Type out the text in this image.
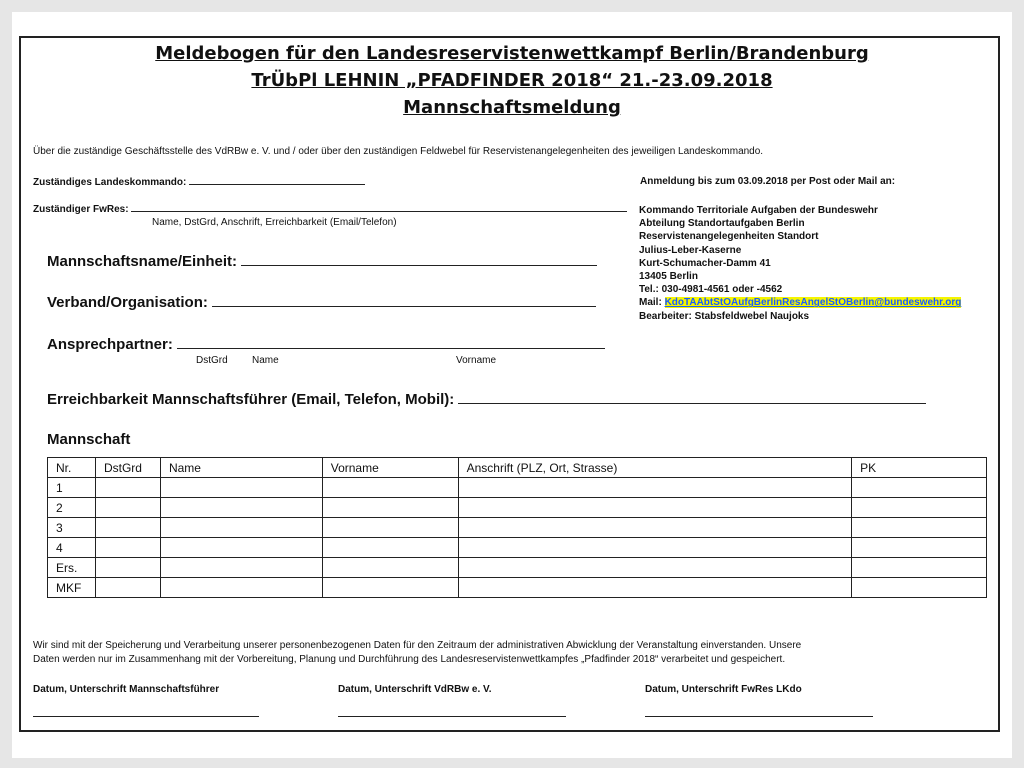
Meldebogen für den Landesreservistenwettkampf Berlin/Brandenburg
TrÜbPl LEHNIN „PFADFINDER 2018“ 21.-23.09.2018
Mannschaftsmeldung
Über die zuständige Geschäftsstelle des VdRBw e. V. und / oder über den zuständigen Feldwebel für Reservistenangelegenheiten des jeweiligen Landeskommando.
Zuständiges Landeskommando:
Zuständiger FwRes:
Name, DstGrd, Anschrift, Erreichbarkeit (Email/Telefon)
Mannschaftsname/Einheit:
Verband/Organisation:
Ansprechpartner:
DstGrd Name	Vorname
Erreichbarkeit Mannschaftsführer (Email, Telefon, Mobil):
Anmeldung bis zum 03.09.2018 per Post oder Mail an:
Kommando Territoriale Aufgaben der Bundeswehr
Abteilung Standortaufgaben Berlin
Reservistenangelegenheiten Standort
Julius-Leber-Kaserne
Kurt-Schumacher-Damm 41
13405 Berlin
Tel.: 030-4981-4561 oder -4562
Mail: KdoTAAbtStOAufgBerlinResAngelStOBerlin@bundeswehr.org
Bearbeiter: Stabsfeldwebel Naujoks
Mannschaft
Nr.	DstGrd	Name	Vorname	Anschrift (PLZ, Ort, Strasse)	PK
1					
2					
3					
4					
Ers.					
MKF					
Wir sind mit der Speicherung und Verarbeitung unserer personenbezogenen Daten für den Zeitraum der administrativen Abwicklung der Veranstaltung einverstanden. Unsere
Daten werden nur im Zusammenhang mit der Vorbereitung, Planung und Durchführung des Landesreservistenwettkampfes „Pfadfinder 2018“ verarbeitet und gespeichert.
Datum, Unterschrift Mannschaftsführer	Datum, Unterschrift VdRBw e. V.	Datum, Unterschrift FwRes LKdo
